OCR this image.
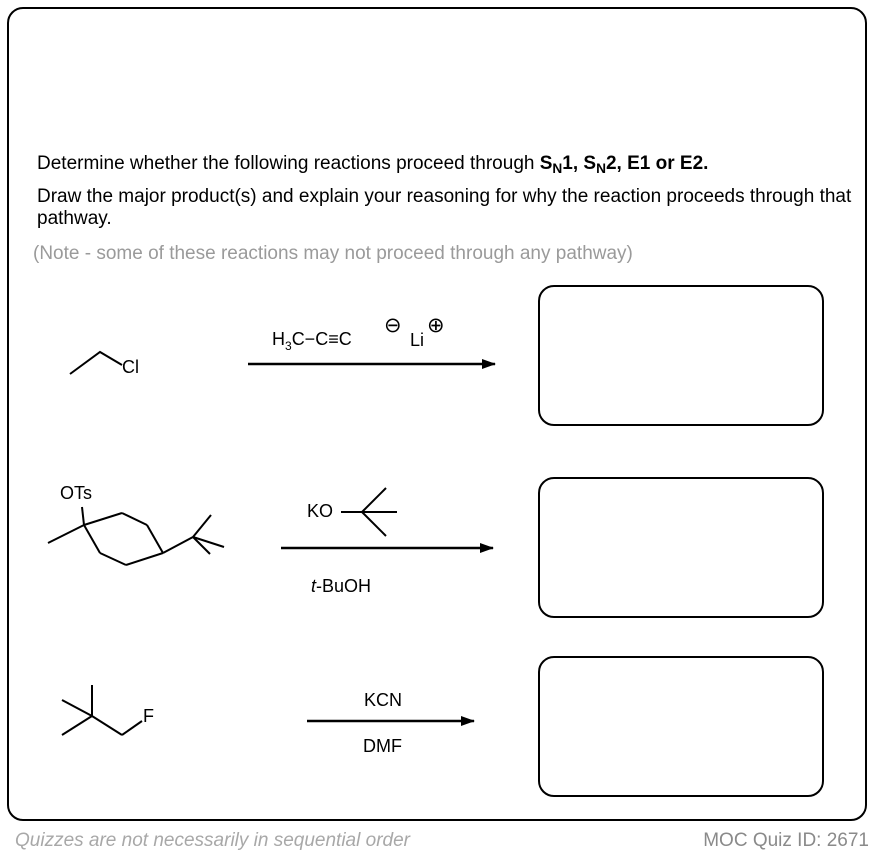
Determine whether the following reactions proceed through $S_N1$, $S_N2$, E1 or E2.
Draw the major product(s) and explain your reasoning for why the reaction proceeds through that pathway.
(Note - some of these reactions may not proceed through any pathway)
Cl
$H_3C-C\equiv C$
⊖
Li
⊕
OTs
KO
t-BuOH
F
KCN
DMF
Quizzes are not necessarily in sequential order	MOC Quiz ID: 2671
